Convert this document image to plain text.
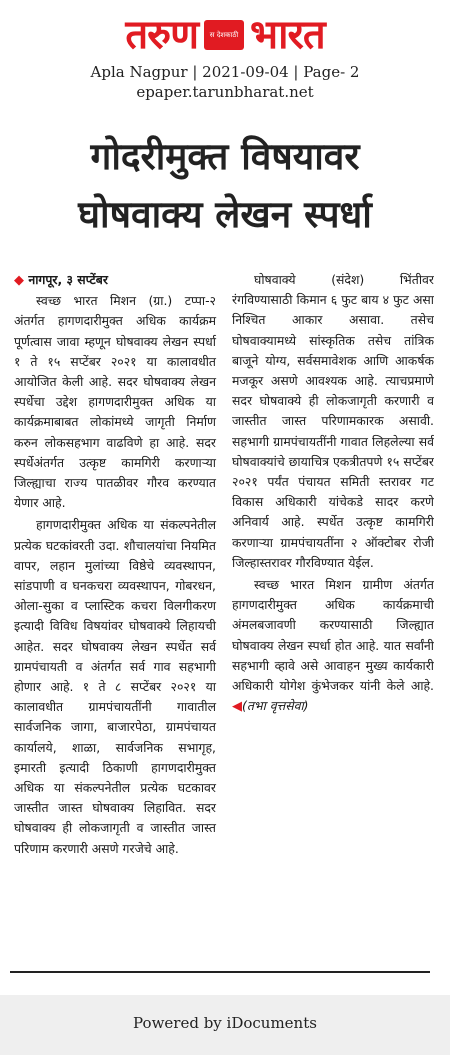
तरुण	स देशकाठी भारत
Apla Nagpur | 2021-09-04 | Page- 2
epaper.tarunbharat.net
गोदरीमुक्त विषयावर
घोषवाक्य लेखन स्पर्धा
◆ नागपूर, ३ सप्टेंबर

स्वच्छ भारत मिशन (ग्रा.) टप्पा-२ अंतर्गत हागणदारीमुक्त अधिक कार्यक्रम पूर्णत्वास जावा म्हणून घोषवाक्य लेखन स्पर्धा १ ते १५ सप्टेंबर २०२१ या कालावधीत आयोजित केली आहे. सदर घोषवाक्य लेखन स्पर्धेचा उद्देश हागणदारीमुक्त अधिक या कार्यक्रमाबाबत लोकांमध्ये जागृती निर्माण करुन लोकसहभाग वाढविणे हा आहे. सदर स्पर्धेअंतर्गत उत्कृष्ट कामगिरी करणाऱ्या जिल्ह्याचा राज्य पातळीवर गौरव करण्यात येणार आहे.

हागणदारीमुक्त अधिक या संकल्पनेतील प्रत्येक घटकांवरती उदा. शौचालयांचा नियमित वापर, लहान मुलांच्या विष्ठेचे व्यवस्थापन, सांडपाणी व घनकचरा व्यवस्थापन, गोबरधन, ओला-सुका व प्लास्टिक कचरा विलगीकरण इत्यादी विविध विषयांवर घोषवाक्ये लिहायची आहेत. सदर घोषवाक्य लेखन स्पर्धेत सर्व ग्रामपंचायती व अंतर्गत सर्व गाव सहभागी होणार आहे. १ ते ८ सप्टेंबर २०२१ या कालावधीत ग्रामपंचायतींनी गावातील सार्वजनिक जागा, बाजारपेठा, ग्रामपंचायत कार्यालये, शाळा, सार्वजनिक सभागृह, इमारती इत्यादी ठिकाणी हागणदारीमुक्त अधिक या संकल्पनेतील प्रत्येक घटकावर जास्तीत जास्त घोषवाक्य लिहावित. सदर घोषवाक्य ही लोकजागृती व जास्तीत जास्त परिणाम करणारी असणे गरजेचे आहे.

घोषवाक्ये (संदेश) भिंतीवर रंगविण्यासाठी किमान ६ फुट बाय ४ फुट असा निश्चित आकार असावा. तसेच घोषवाक्यामध्ये सांस्कृतिक तसेच तांत्रिक बाजूने योग्य, सर्वसमावेशक आणि आकर्षक मजकूर असणे आवश्यक आहे. त्याचप्रमाणे सदर घोषवाक्ये ही लोकजागृती करणारी व जास्तीत जास्त परिणामकारक असावी. सहभागी ग्रामपंचायतींनी गावात लिहलेल्या सर्व घोषवाक्यांचे छायाचित्र एकत्रीतपणे १५ सप्टेंबर २०२१ पर्यंत पंचायत समिती स्तरावर गट विकास अधिकारी यांचेकडे सादर करणे अनिवार्य आहे. स्पर्धेत उत्कृष्ट कामगिरी करणाऱ्या ग्रामपंचायतींना २ ऑक्टोबर रोजी जिल्हास्तरावर गौरविण्यात येईल.

स्वच्छ भारत मिशन ग्रामीण अंतर्गत हागणदारीमुक्त अधिक कार्यक्रमाची अंमलबजावणी करण्यासाठी जिल्ह्यात घोषवाक्य लेखन स्पर्धा होत आहे. यात सर्वांनी सहभागी व्हावे असे आवाहन मुख्य कार्यकारी अधिकारी योगेश कुंभेजकर यांनी केले आहे. ◀(तभा वृत्तसेवा)

Powered by iDocuments
